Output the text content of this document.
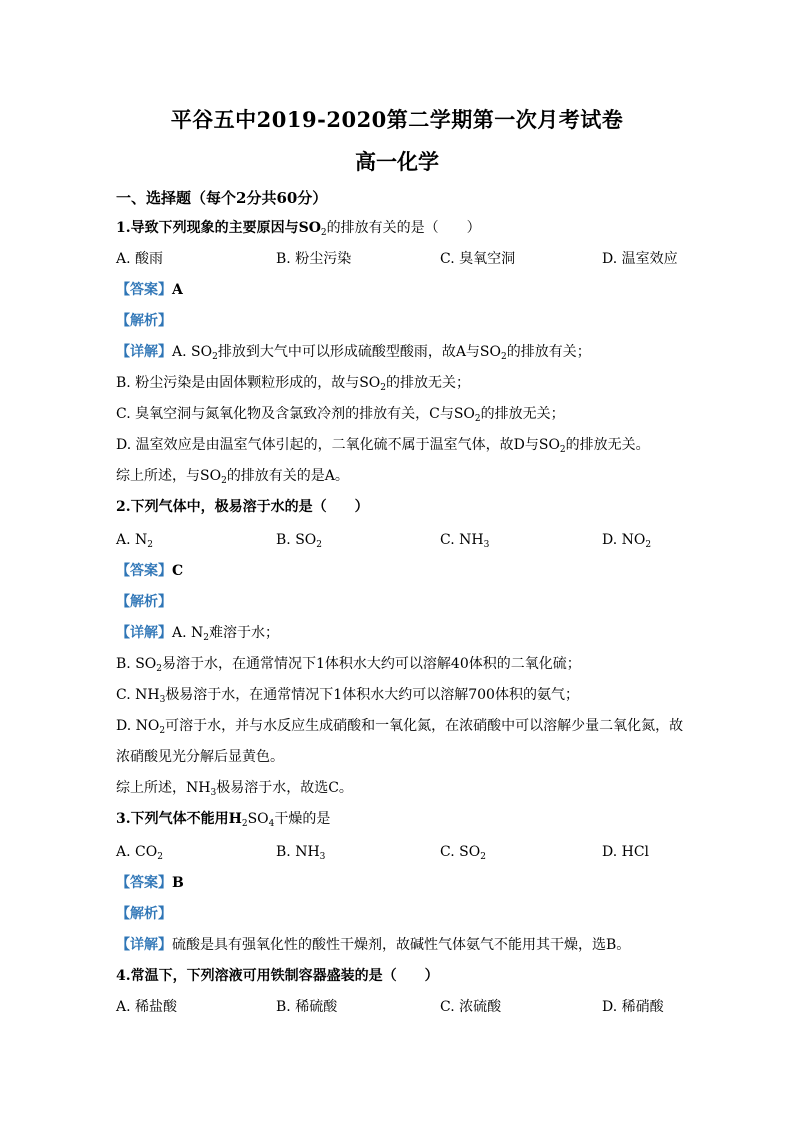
平谷五中2019-2020第二学期第一次月考试卷
高一化学
一、选择题（每个2分共60分）
1.导致下列现象的主要原因与$SO_2$的排放有关的是（　　）
A. 酸雨	B. 粉尘污染	C. 臭氧空洞	D. 温室效应
【答案】A
【解析】
【详解】A. $SO_2$排放到大气中可以形成硫酸型酸雨，故A与$SO_2$的排放有关；
B. 粉尘污染是由固体颗粒形成的，故与$SO_2$的排放无关；
C. 臭氧空洞与氮氧化物及含氯致冷剂的排放有关，C与$SO_2$的排放无关；
D. 温室效应是由温室气体引起的，二氧化硫不属于温室气体，故D与$SO_2$的排放无关。
综上所述，与$SO_2$的排放有关的是A。
2.下列气体中，极易溶于水的是（　　）
A. $N_2$	B. $SO_2$	C. $NH_3$	D. $NO_2$
【答案】C
【解析】
【详解】A. $N_2$难溶于水；
B. $SO_2$易溶于水，在通常情况下1体积水大约可以溶解40体积的二氧化硫；
C. $NH_3$极易溶于水，在通常情况下1体积水大约可以溶解700体积的氨气；
D. $NO_2$可溶于水，并与水反应生成硝酸和一氧化氮，在浓硝酸中可以溶解少量二氧化氮，故
浓硝酸见光分解后显黄色。
综上所述，$NH_3$极易溶于水，故选C。
3.下列气体不能用$H_2SO_4$干燥的是
A. $CO_2$	B. $NH_3$	C. $SO_2$	D. HCl
【答案】B
【解析】
【详解】硫酸是具有强氧化性的酸性干燥剂，故碱性气体氨气不能用其干燥，选B。
4.常温下，下列溶液可用铁制容器盛装的是（　　）
A. 稀盐酸	B. 稀硫酸	C. 浓硫酸	D. 稀硝酸
